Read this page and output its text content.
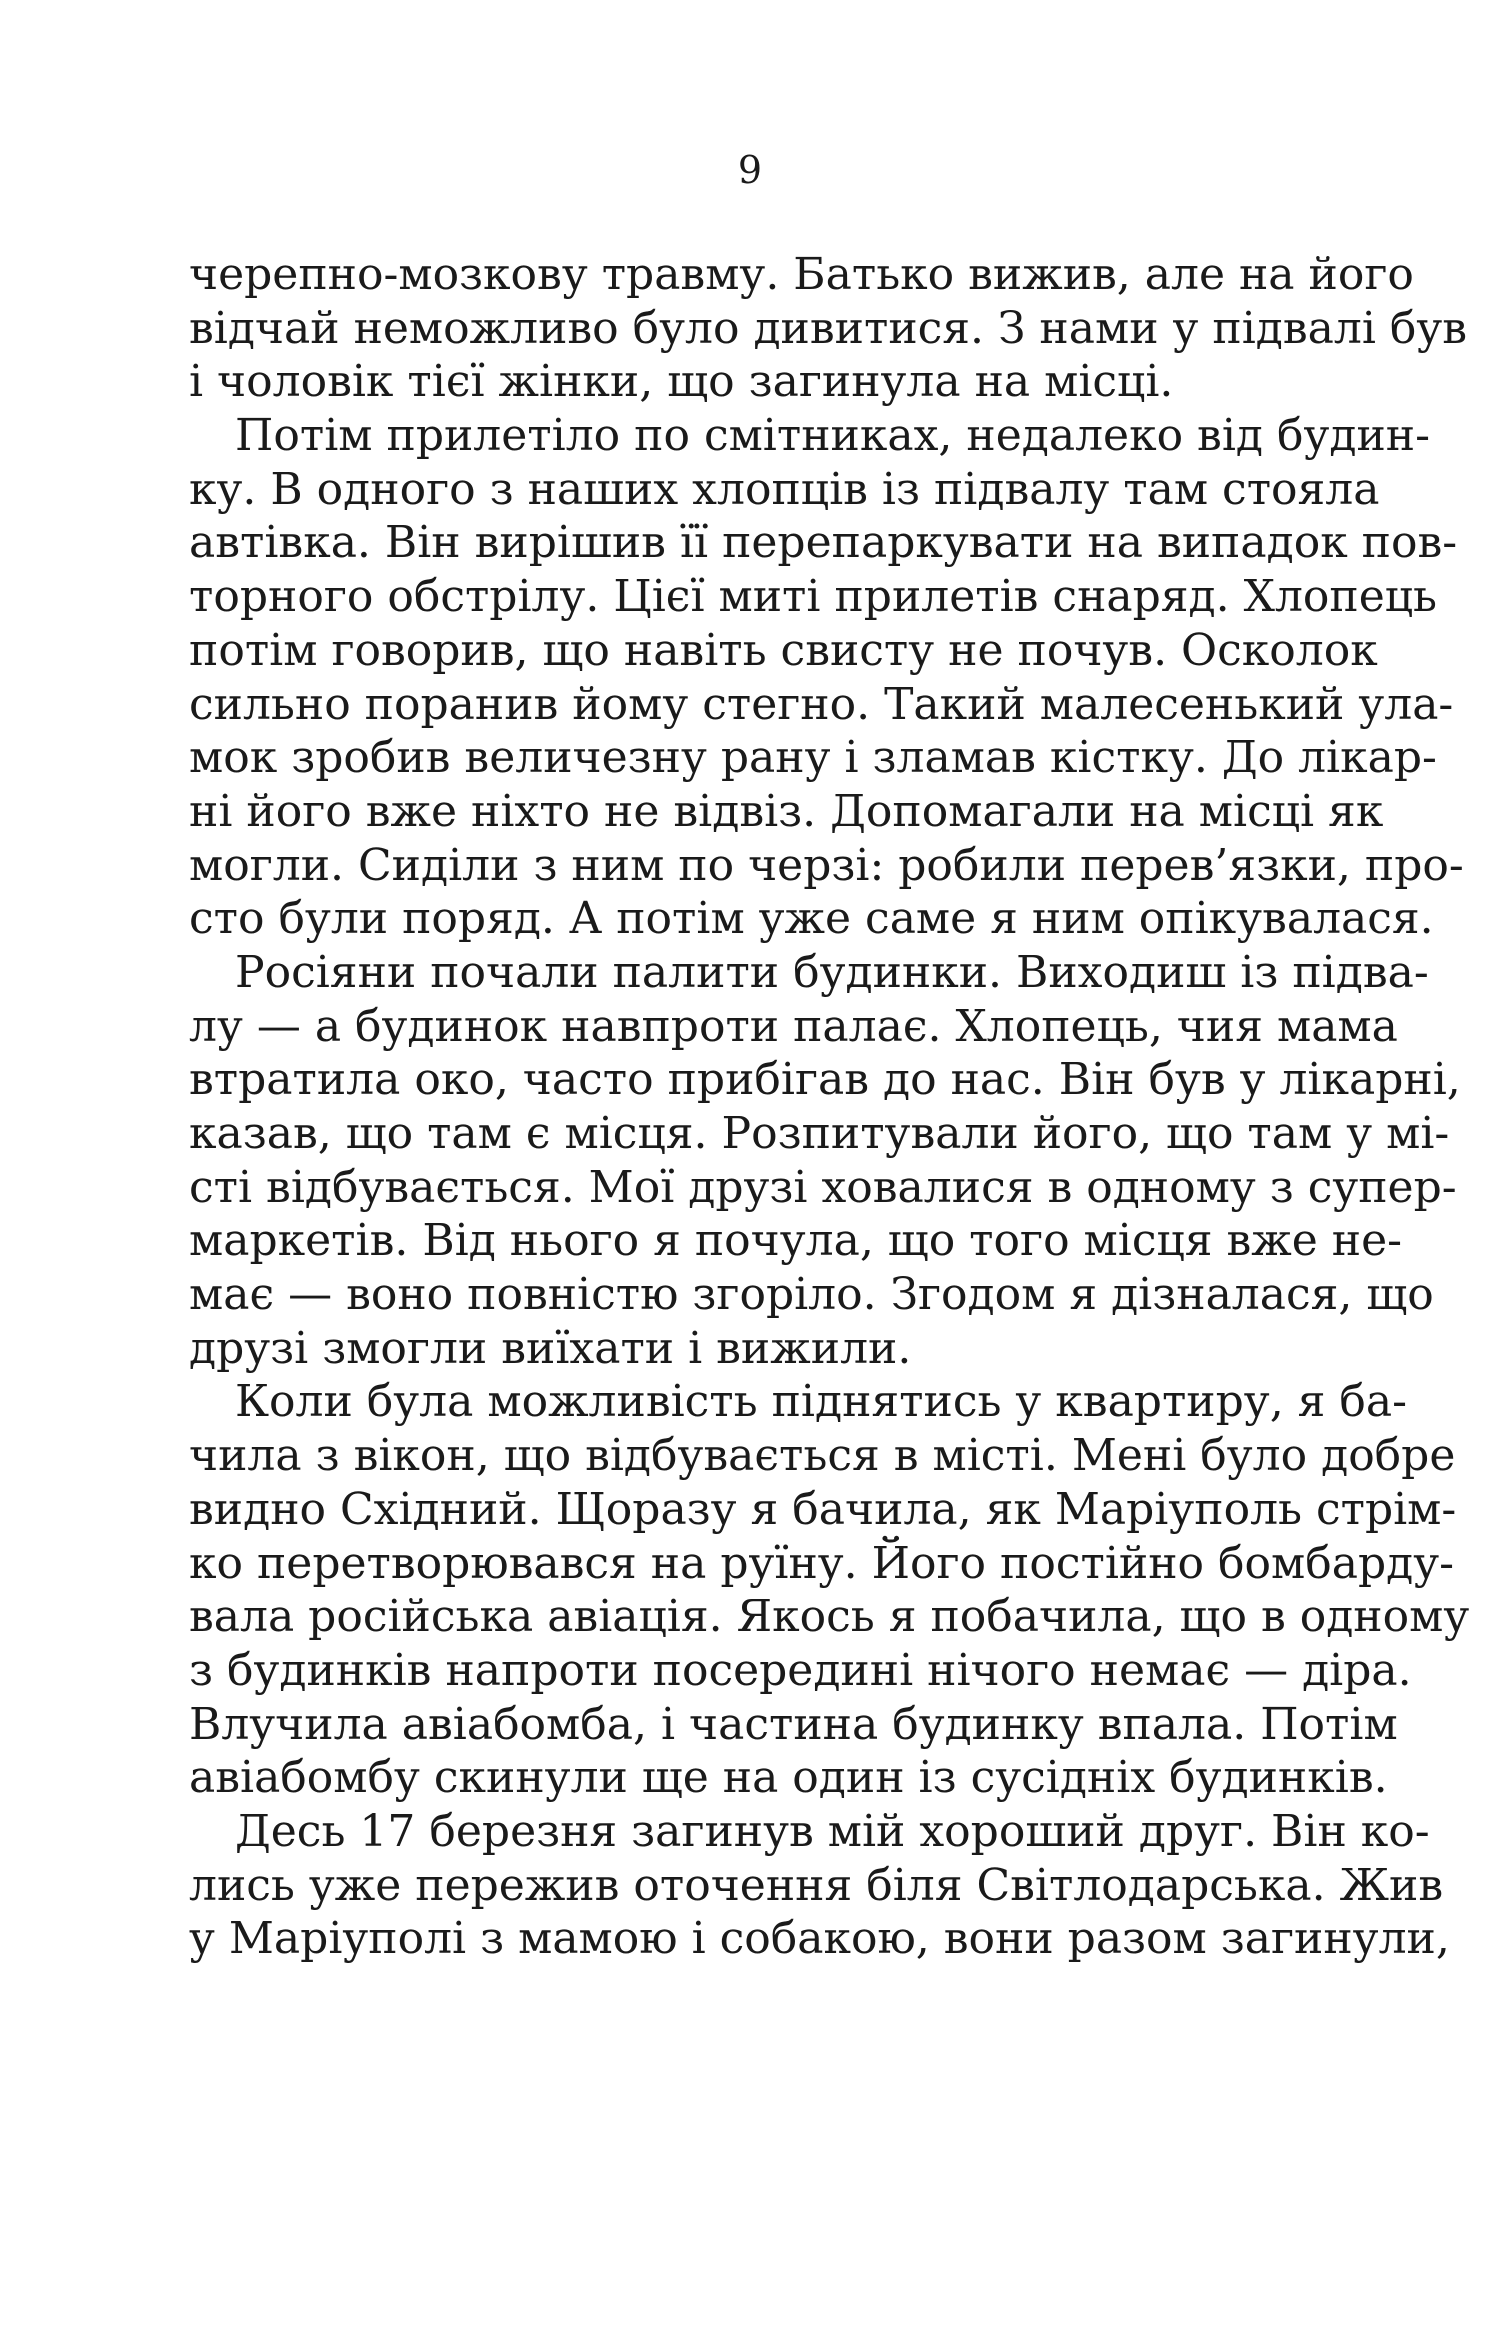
9
черепно-мозкову травму. Батько вижив, але на його
відчай неможливо було дивитися. З нами у підвалі був
і чоловік тієї жінки, що загинула на місці.
Потім прилетіло по смітниках, недалеко від будин-
ку. В одного з наших хлопців із підвалу там стояла
автівка. Він вирішив її перепаркувати на випадок пов-
торного обстрілу. Цієї миті прилетів снаряд. Хлопець
потім говорив, що навіть свисту не почув. Осколок
сильно поранив йому стегно. Такий малесенький ула-
мок зробив величезну рану і зламав кістку. До лікар-
ні його вже ніхто не відвіз. Допомагали на місці як
могли. Сиділи з ним по черзі: робили перев’язки, про-
сто були поряд. А потім уже саме я ним опікувалася.
Росіяни почали палити будинки. Виходиш із підва-
лу — а будинок навпроти палає. Хлопець, чия мама
втратила око, часто прибігав до нас. Він був у лікарні,
казав, що там є місця. Розпитували його, що там у мі-
сті відбувається. Мої друзі ховалися в одному з супер-
маркетів. Від нього я почула, що того місця вже не-
має — воно повністю згоріло. Згодом я дізналася, що
друзі змогли виїхати і вижили.
Коли була можливість піднятись у квартиру, я ба-
чила з вікон, що відбувається в місті. Мені було добре
видно Східний. Щоразу я бачила, як Маріуполь стрім-
ко перетворювався на руїну. Його постійно бомбарду-
вала російська авіація. Якось я побачила, що в одному
з будинків напроти посередині нічого немає — діра.
Влучила авіабомба, і частина будинку впала. Потім
авіабомбу скинули ще на один із сусідніх будинків.
Десь 17 березня загинув мій хороший друг. Він ко-
лись уже пережив оточення біля Світлодарська. Жив
у Маріуполі з мамою і собакою, вони разом загинули,
